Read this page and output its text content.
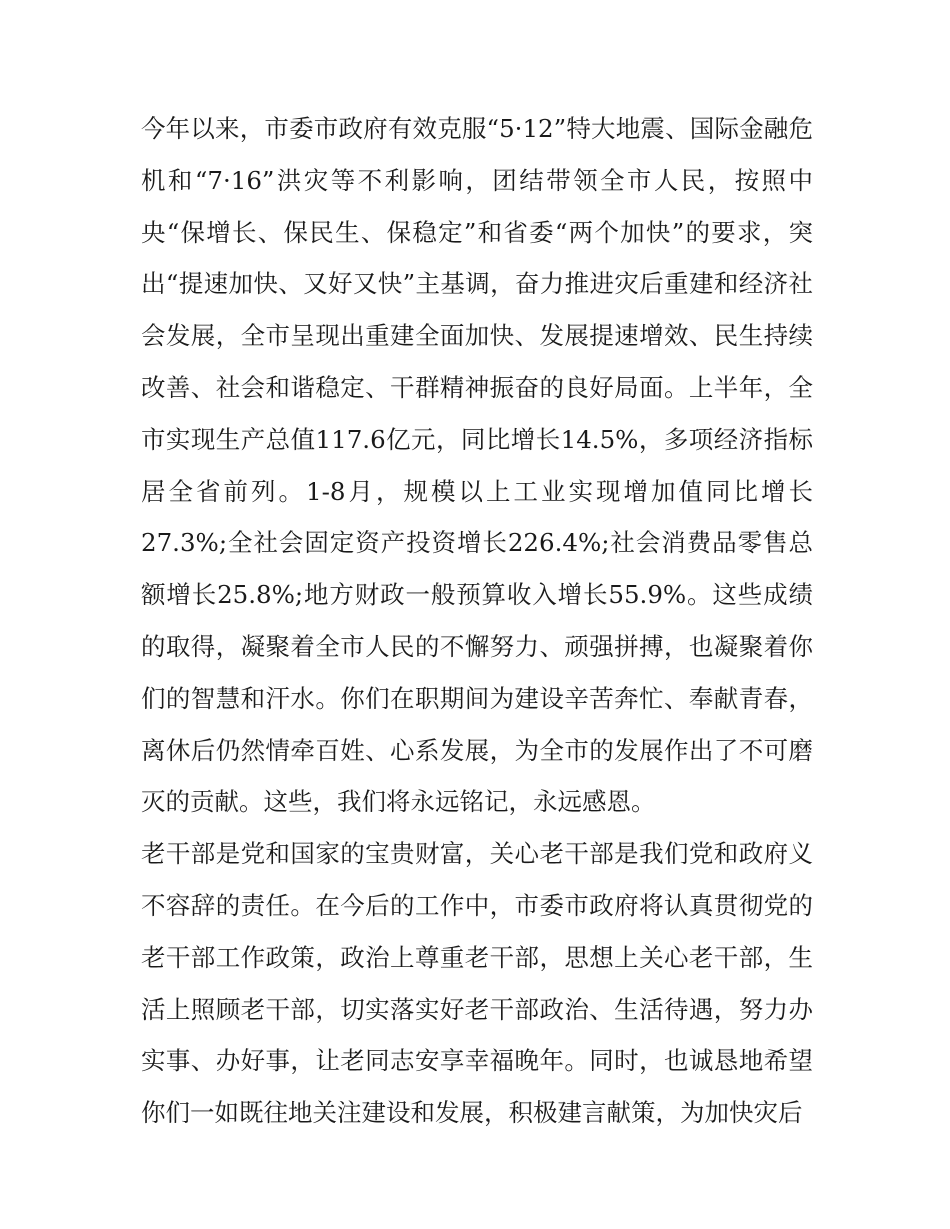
今年以来，市委市政府有效克服“5·12”特大地震、国际金融危机和“7·16”洪灾等不利影响，团结带领全市人民，按照中央“保增长、保民生、保稳定”和省委“两个加快”的要求，突出“提速加快、又好又快”主基调，奋力推进灾后重建和经济社会发展，全市呈现出重建全面加快、发展提速增效、民生持续改善、社会和谐稳定、干群精神振奋的良好局面。上半年，全市实现生产总值117.6亿元，同比增长14.5%，多项经济指标居全省前列。1-8月，规模以上工业实现增加值同比增长27.3%;全社会固定资产投资增长226.4%;社会消费品零售总额增长25.8%;地方财政一般预算收入增长55.9%。这些成绩的取得，凝聚着全市人民的不懈努力、顽强拼搏，也凝聚着你们的智慧和汗水。你们在职期间为建设辛苦奔忙、奉献青春，离休后仍然情牵百姓、心系发展，为全市的发展作出了不可磨灭的贡献。这些，我们将永远铭记，永远感恩。

老干部是党和国家的宝贵财富，关心老干部是我们党和政府义不容辞的责任。在今后的工作中，市委市政府将认真贯彻党的老干部工作政策，政治上尊重老干部，思想上关心老干部，生活上照顾老干部，切实落实好老干部政治、生活待遇，努力办实事、办好事，让老同志安享幸福晚年。同时，也诚恳地希望你们一如既往地关注建设和发展，积极建言献策，为加快灾后
